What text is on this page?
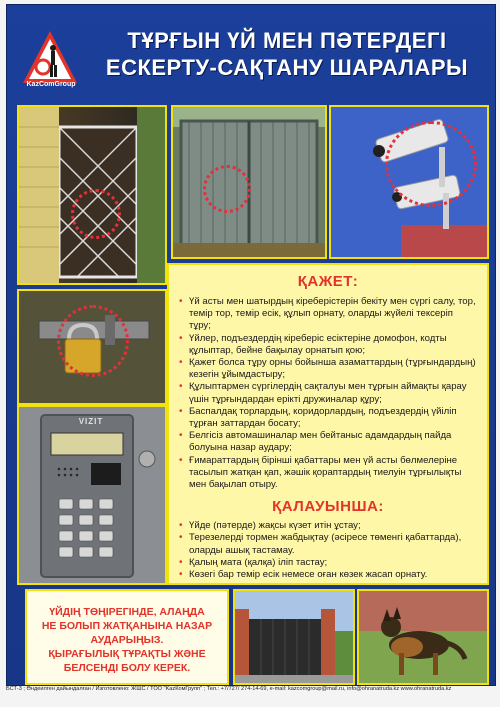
KazComGroup
ТҰРҒЫН ҮЙ МЕН ПӘТЕРДЕГІ
ЕСКЕРТУ-САҚТАНУ ШАРАЛАРЫ
VIZIT
ҚАЖЕТ:
• Үй асты мен шатырдың кіреберістерін бекіту мен сүргі салу, тор, темір тор, темір есік, құлып орнату, оларды жүйелі тексеріп тұру;
• Үйлер, подъездердің кіреберіс есіктеріне домофон, кодты құлыптар, бейне бақылау орнатып қою;
• Қажет болса тұру орны бойынша азаматтардың (тұрғындардың) кезегін ұйымдастыру;
• Құлыптармен сүргілердің сақталуы мен тұрғын аймақты қарау үшін тұрғындардан ерікті дружиналар құру;
• Баспалдақ торлардың, коридорлардың, подъездердің үйіліп тұрған заттардан босату;
• Белгісіз автомашиналар мен бейтаныс адамдардың пайда болуына назар аудару;
• Ғимараттардың бірінші қабаттары мен үй асты бөлмелеріне тасылып жатқан қап, жәшік қораптардың тиелуін тұрғылықты мен бақылап отыру.
ҚАЛАУЫНША:
• Үйде (пәтерде) жақсы күзет итін ұстау;
• Терезелерді тормен жабдықтау (әсіресе төменгі қабаттарда), оларды ашық тастамау.
• Қалың мата (қалқа) іліп тастау;
• Көзегі бар темір есік немесе оған көзек жасап орнату.
ҮЙДІҢ ТӨҢІРЕГІНДЕ, АЛАҢДА
НЕ БОЛЫП ЖАТҚАНЫНА НАЗАР
АУДАРЫҢЫЗ.
ҚЫРАҒЫЛЫҚ ТҰРАҚТЫ ЖӘНЕ
БЕЛСЕНДІ БОЛУ КЕРЕК.
БСТ-3 ; Өндеилген дайындалған / Изготовлено: ЖШС / ТОО "KazКомГрупп" ; Тел.: +7/727/ 274-14-69, e-mail: kazcomgroup@mail.ru, info@ohranatruda.kz www.ohranatruda.kz
